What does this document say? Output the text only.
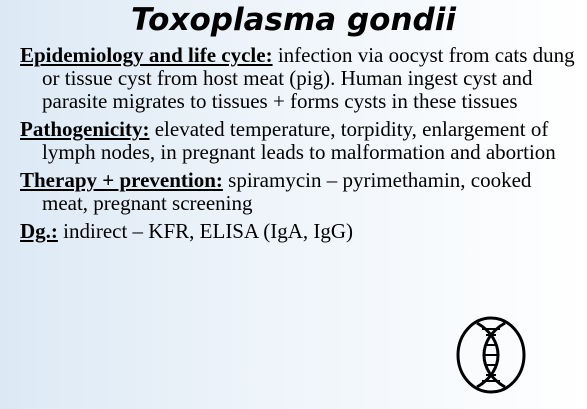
Toxoplasma gondii

Epidemiology and life cycle: infection via oocyst from cats dung or tissue cyst from host meat (pig). Human ingest cyst and parasite migrates to tissues + forms cysts in these tissues

Pathogenicity: elevated temperature, torpidity, enlargement of lymph nodes, in pregnant leads to malformation and abortion

Therapy + prevention: spiramycin – pyrimethamin, cooked meat, pregnant screening

Dg.: indirect – KFR, ELISA (IgA, IgG)
